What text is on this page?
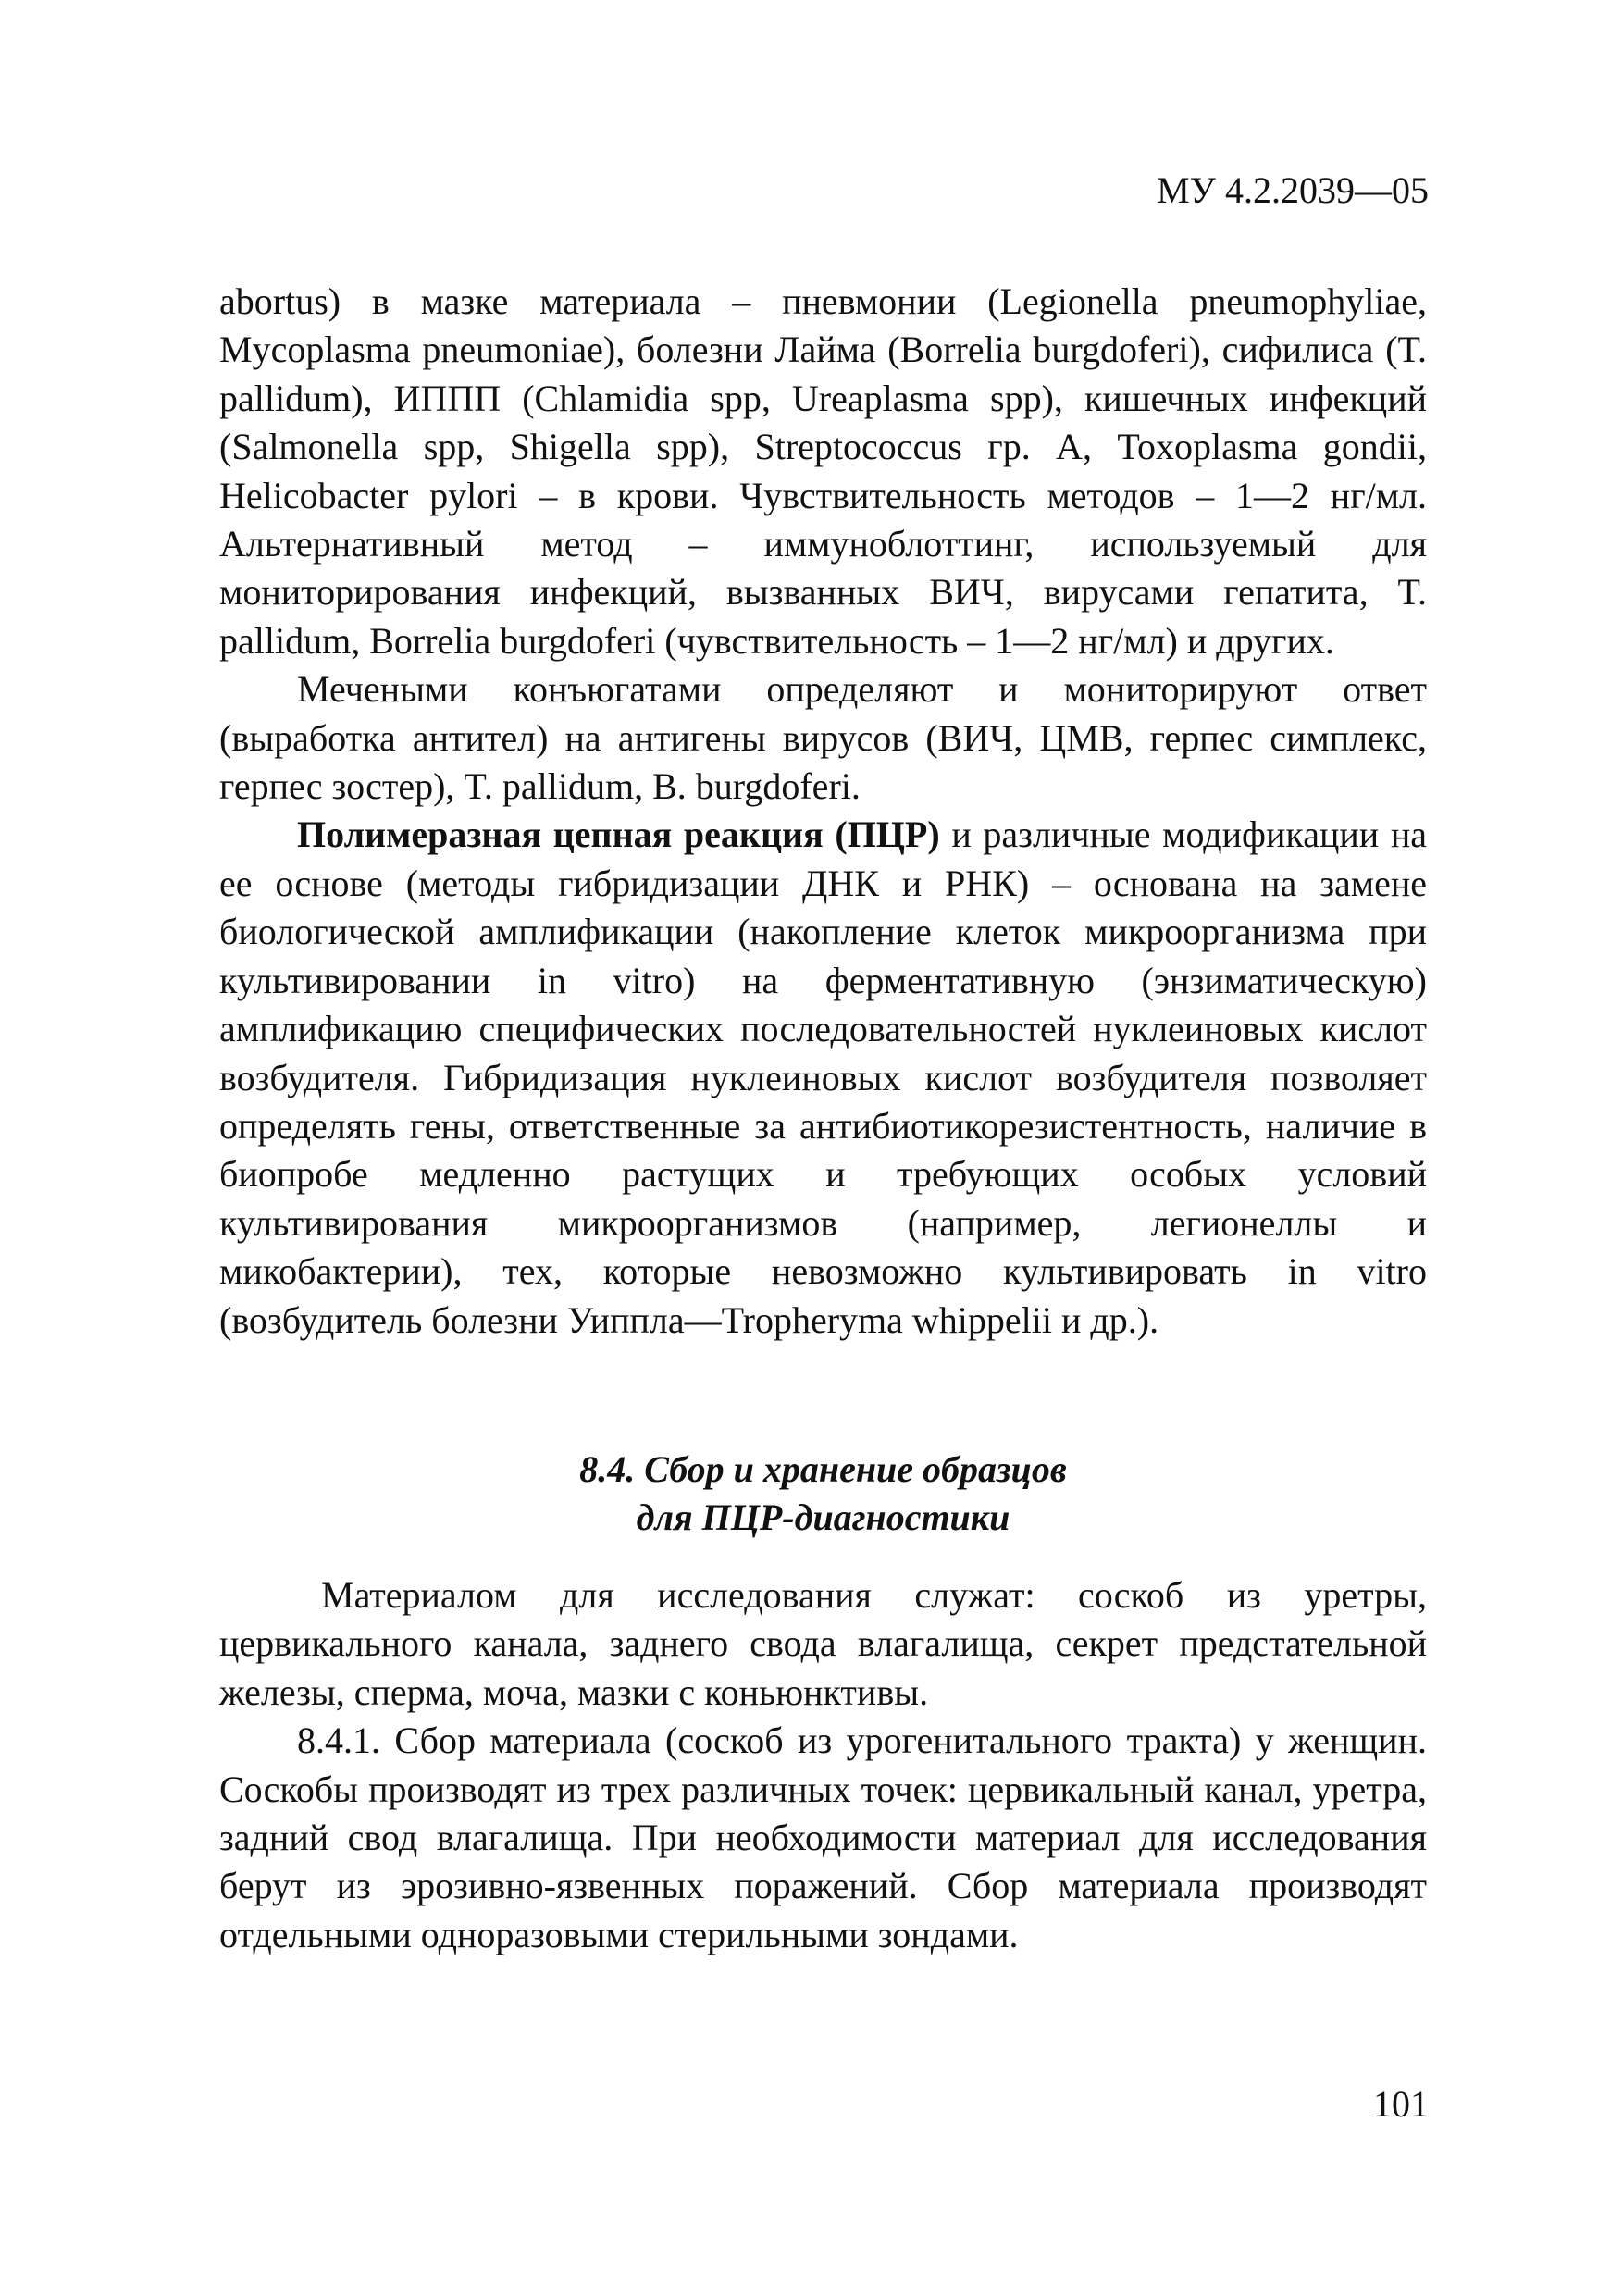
МУ 4.2.2039—05

abortus) в мазке материала – пневмонии (Legionella pneumophyliae, Mycoplasma pneumoniae), болезни Лайма (Borrelia burgdoferi), сифилиса (T. pallidum), ИППП (Chlamidia spp, Ureaplasma spp), кишечных инфекций (Salmonella spp, Shigella spp), Streptococcus гр. А, Toxoplasma gondii, Helicobacter pylori – в крови. Чувствительность методов – 1—2 нг/мл. Альтернативный метод – иммуноблоттинг, используемый для мониторирования инфекций, вызванных ВИЧ, вирусами гепатита, T. pallidum, Borrelia burgdoferi (чувствительность – 1—2 нг/мл) и других.

Мечеными конъюгатами определяют и мониторируют ответ (выработка антител) на антигены вирусов (ВИЧ, ЦМВ, герпес симплекс, герпес зостер), T. pallidum, B. burgdoferi.

Полимеразная цепная реакция (ПЦР) и различные модификации на ее основе (методы гибридизации ДНК и РНК) – основана на замене биологической амплификации (накопление клеток микроорганизма при культивировании in vitro) на ферментативную (энзиматическую) амплификацию специфических последовательностей нуклеиновых кислот возбудителя. Гибридизация нуклеиновых кислот возбудителя позволяет определять гены, ответственные за антибиотикорезистентность, наличие в биопробе медленно растущих и требующих особых условий культивирования микроорганизмов (например, легионеллы и микобактерии), тех, которые невозможно культивировать in vitro (возбудитель болезни Уиппла—Tropheryma whippelii и др.).

8.4. Сбор и хранение образцов
для ПЦР-диагностики

Материалом для исследования служат: соскоб из уретры, цервикального канала, заднего свода влагалища, секрет предстательной железы, сперма, моча, мазки с коньюнктивы.

8.4.1. Сбор материала (соскоб из урогенитального тракта) у женщин. Соскобы производят из трех различных точек: цервикальный канал, уретра, задний свод влагалища. При необходимости материал для исследования берут из эрозивно-язвенных поражений. Сбор материала производят отдельными одноразовыми стерильными зондами.

101
